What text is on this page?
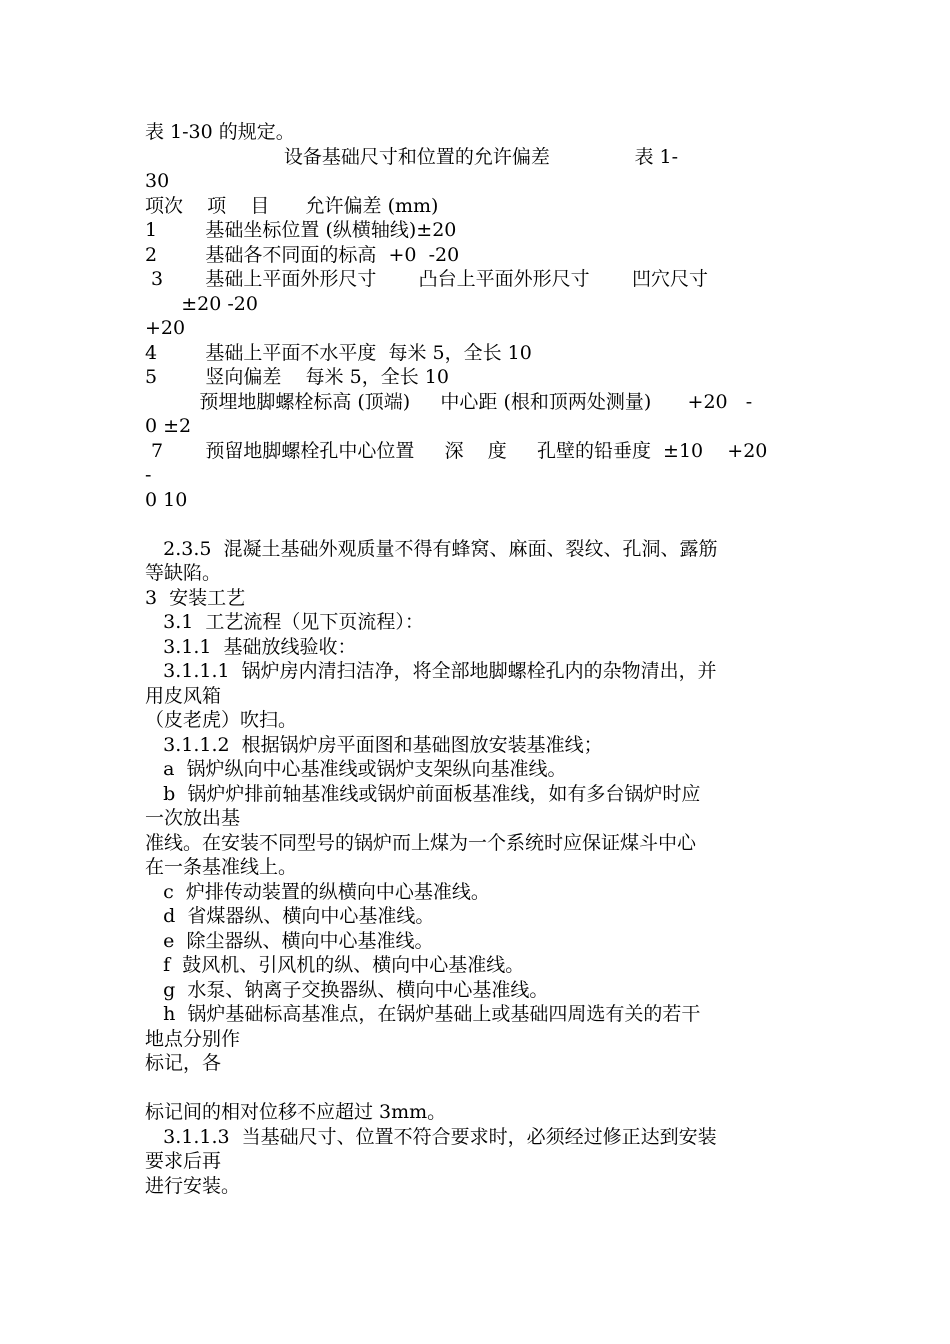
表 1-30 的规定。
设备基础尺寸和位置的允许偏差              表 1-
30
项次    项    目      允许偏差 (mm)
1        基础坐标位置 (纵横轴线)±20
2        基础各不同面的标高  +0  -20
3       基础上平面外形尺寸       凸台上平面外形尺寸       凹穴尺寸
±20 -20
+20
4        基础上平面不水平度  每米 5，全长 10
5        竖向偏差    每米 5，全长 10
预埋地脚螺栓标高 (顶端)     中心距 (根和顶两处测量)      +20   -
0 ±2
7       预留地脚螺栓孔中心位置     深    度     孔壁的铅垂度  ±10    +20
-
0 10
2.3.5  混凝土基础外观质量不得有蜂窝、麻面、裂纹、孔洞、露筋
等缺陷。
3  安装工艺
3.1  工艺流程（见下页流程）：
3.1.1  基础放线验收：
3.1.1.1  锅炉房内清扫洁净，将全部地脚螺栓孔内的杂物清出，并
用皮风箱
（皮老虎）吹扫。
3.1.1.2  根据锅炉房平面图和基础图放安装基准线；
a  锅炉纵向中心基准线或锅炉支架纵向基准线。
b  锅炉炉排前轴基准线或锅炉前面板基准线，如有多台锅炉时应
一次放出基
准线。在安装不同型号的锅炉而上煤为一个系统时应保证煤斗中心
在一条基准线上。
c  炉排传动装置的纵横向中心基准线。
d  省煤器纵、横向中心基准线。
e  除尘器纵、横向中心基准线。
f  鼓风机、引风机的纵、横向中心基准线。
g  水泵、钠离子交换器纵、横向中心基准线。
h  锅炉基础标高基准点，在锅炉基础上或基础四周选有关的若干
地点分别作
标记，各
标记间的相对位移不应超过 3mm。
3.1.1.3  当基础尺寸、位置不符合要求时，必须经过修正达到安装
要求后再
进行安装。
